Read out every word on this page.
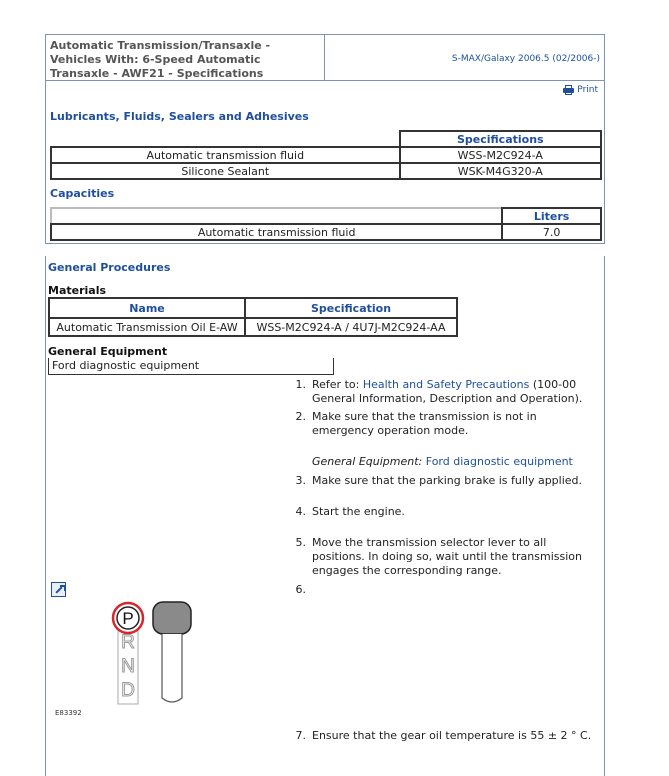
Automatic Transmission/Transaxle -
Vehicles With: 6-Speed Automatic
Transaxle - AWF21 - Specifications
S-MAX/Galaxy 2006.5 (02/2006-)
Print
Lubricants, Fluids, Sealers and Adhesives
	Specifications
Automatic transmission fluid	WSS-M2C924-A
Silicone Sealant	WSK-M4G320-A
Capacities
	Liters
Automatic transmission fluid	7.0
General Procedures
Materials
Name	Specification
Automatic Transmission Oil E-AW	WSS-M2C924-A / 4U7J-M2C924-AA
General Equipment
Ford diagnostic equipment
1. Refer to: Health and Safety Precautions (100-00 General Information, Description and Operation).
2. Make sure that the transmission is not in emergency operation mode.
General Equipment: Ford diagnostic equipment
3. Make sure that the parking brake is fully applied.
4. Start the engine.
5. Move the transmission selector lever to all positions. In doing so, wait until the transmission engages the corresponding range.
6.
7. Ensure that the gear oil temperature is 55 ± 2 ° C.
P
R
N
D
E83392
